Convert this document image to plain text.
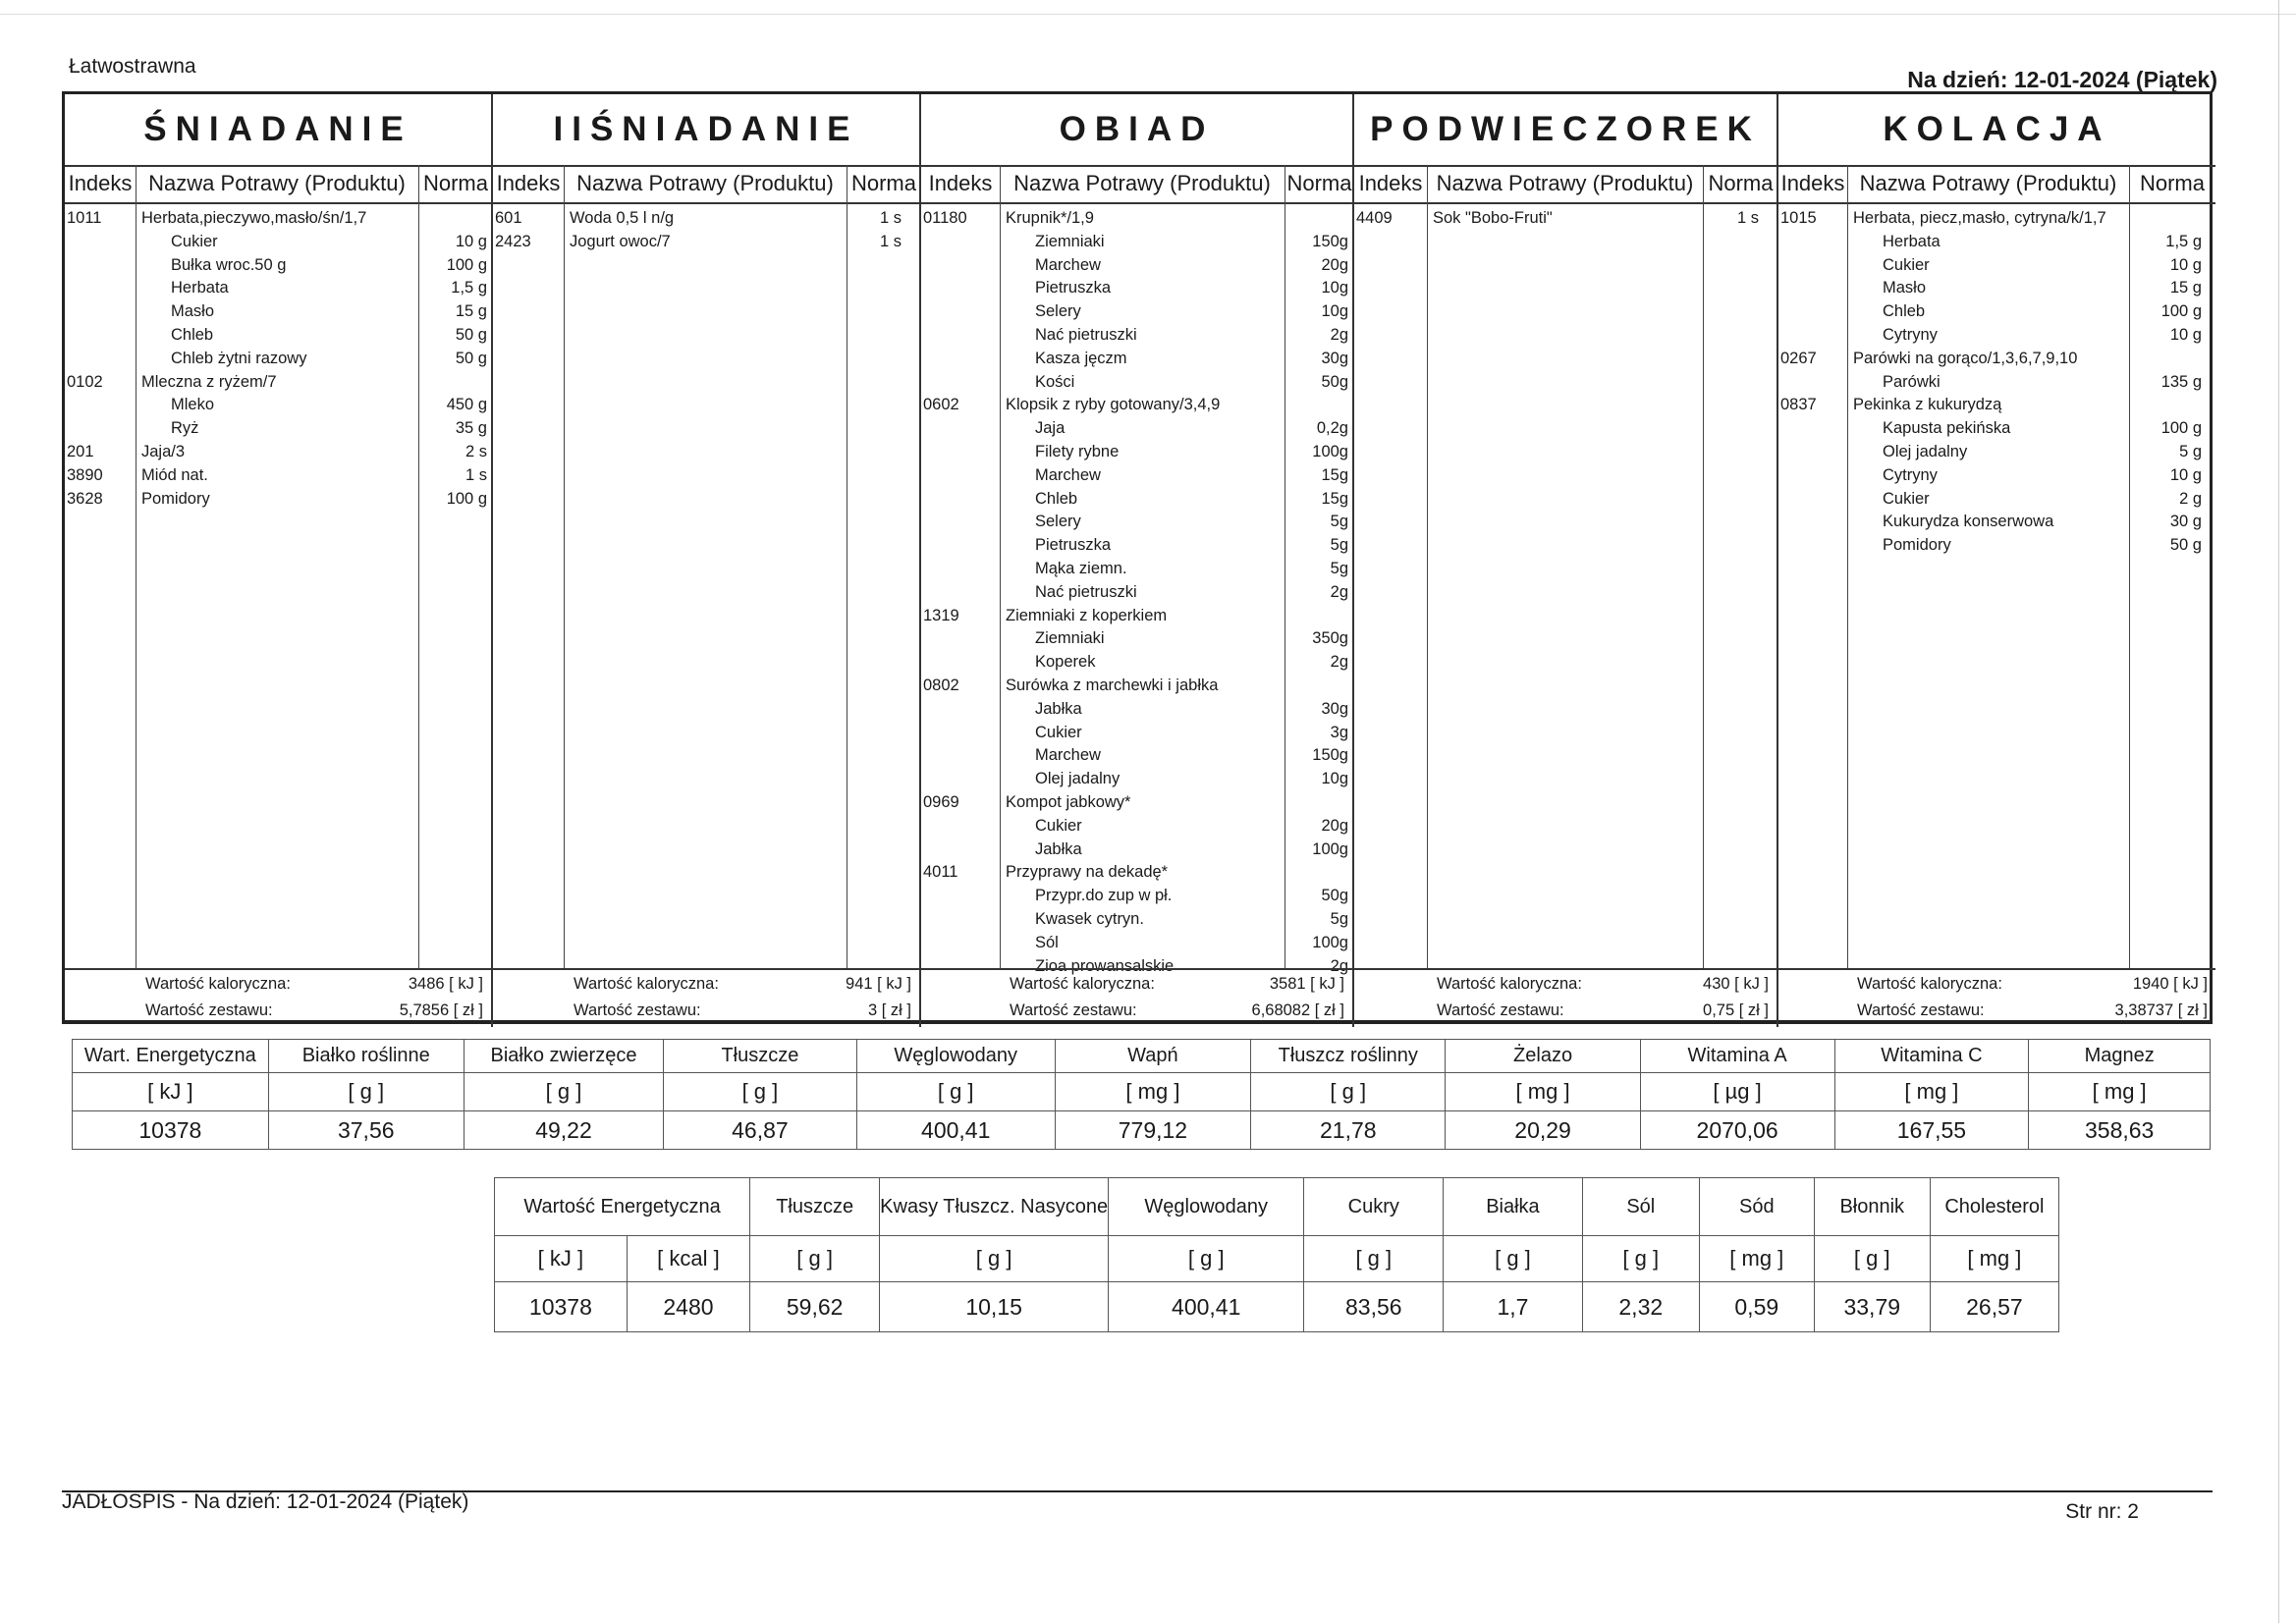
Łatwostrawna
Na dzień: 12-01-2024 (Piątek)
ŚNIADANIE
Indeks Nazwa Potrawy (Produktu) Norma
1011 Herbata,pieczywo,masło/śn/1,7
Cukier	10 g
Bułka wroc.50 g	100 g
Herbata	1,5 g
Masło	15 g
Chleb	50 g
Chleb żytni razowy	50 g
0102 Mleczna z ryżem/7
Mleko	450 g
Ryż	35 g
201	Jaja/3	2 s
3890 Miód nat.	1 s
3628 Pomidory	100 g
Wartość kaloryczna:	3486 [ kJ ]
Wartość zestawu:	5,7856 [ zł ]
IIŚNIADANIE
Indeks Nazwa Potrawy (Produktu) Norma
601	Woda 0,5 l n/g	1 s
2423 Jogurt owoc/7	1 s
Wartość kaloryczna:	941 [ kJ ]
Wartość zestawu:	3 [ zł ]
OBIAD
Indeks Nazwa Potrawy (Produktu) Norma
01180 Krupnik*/1,9
Ziemniaki	150g
Marchew	20g
Pietruszka	10g
Selery	10g
Nać pietruszki	2g
Kasza jęczm	30g
Kości	50g
0602	Klopsik z ryby gotowany/3,4,9
Jaja	0,2g
Filety rybne	100g
Marchew	15g
Chleb	15g
Selery	5g
Pietruszka	5g
Mąka ziemn.	5g
Nać pietruszki	2g
1319	Ziemniaki z koperkiem
Ziemniaki	350g
Koperek	2g
0802	Surówka z marchewki i jabłka
Jabłka	30g
Cukier	3g
Marchew	150g
Olej jadalny	10g
0969	Kompot jabkowy*
Cukier	20g
Jabłka	100g
4011	Przyprawy na dekadę*
Przypr.do zup w pł.	50g
Kwasek cytryn.	5g
Sól	100g
Zioa prowansalskie	2g
Wartość kaloryczna:	3581 [ kJ ]
Wartość zestawu:	6,68082 [ zł ]
PODWIECZOREK
Indeks Nazwa Potrawy (Produktu) Norma
4409	Sok "Bobo-Fruti"	1 s
Wartość kaloryczna:	430 [ kJ ]
Wartość zestawu:	0,75 [ zł ]
KOLACJA
Indeks Nazwa Potrawy (Produktu)	Norma
1015 Herbata, piecz,masło, cytryna/k/1,7
Herbata	1,5 g
Cukier	10 g
Masło	15 g
Chleb	100 g
Cytryny	10 g
0267 Parówki na gorąco/1,3,6,7,9,10
Parówki	135 g
0837 Pekinka z kukurydzą
Kapusta pekińska	100 g
Olej jadalny	5 g
Cytryny	10 g
Cukier	2 g
Kukurydza konserwowa	30 g
Pomidory	50 g
Wartość kaloryczna:	1940 [ kJ ]
Wartość zestawu:	3,38737 [ zł ]
Wart. Energetyczna	Białko roślinne	Białko zwierzęce	Tłuszcze	Węglowodany	Wapń	Tłuszcz roślinny	Żelazo	Witamina A	Witamina C	Magnez
[ kJ ]	[ g ]	[ g ]	[ g ]	[ g ]	[ mg ]	[ g ]	[ mg ]	[ µg ]	[ mg ]	[ mg ]
10378	37,56	49,22	46,87	400,41	779,12	21,78	20,29	2070,06	167,55	358,63
Wartość Energetyczna		Tłuszcze	Kwasy Tłuszcz. Nasycone	Węglowodany	Cukry	Białka	Sól	Sód	Błonnik	Cholesterol
[ kJ ]	[ kcal ]	[ g ]	[ g ]	[ g ]	[ g ]	[ g ]	[ g ]	[ mg ]	[ g ]	[ mg ]
10378	2480	59,62	10,15	400,41	83,56	1,7	2,32	0,59	33,79	26,57
JADŁOSPIS - Na dzień: 12-01-2024 (Piątek)	Str nr: 2
